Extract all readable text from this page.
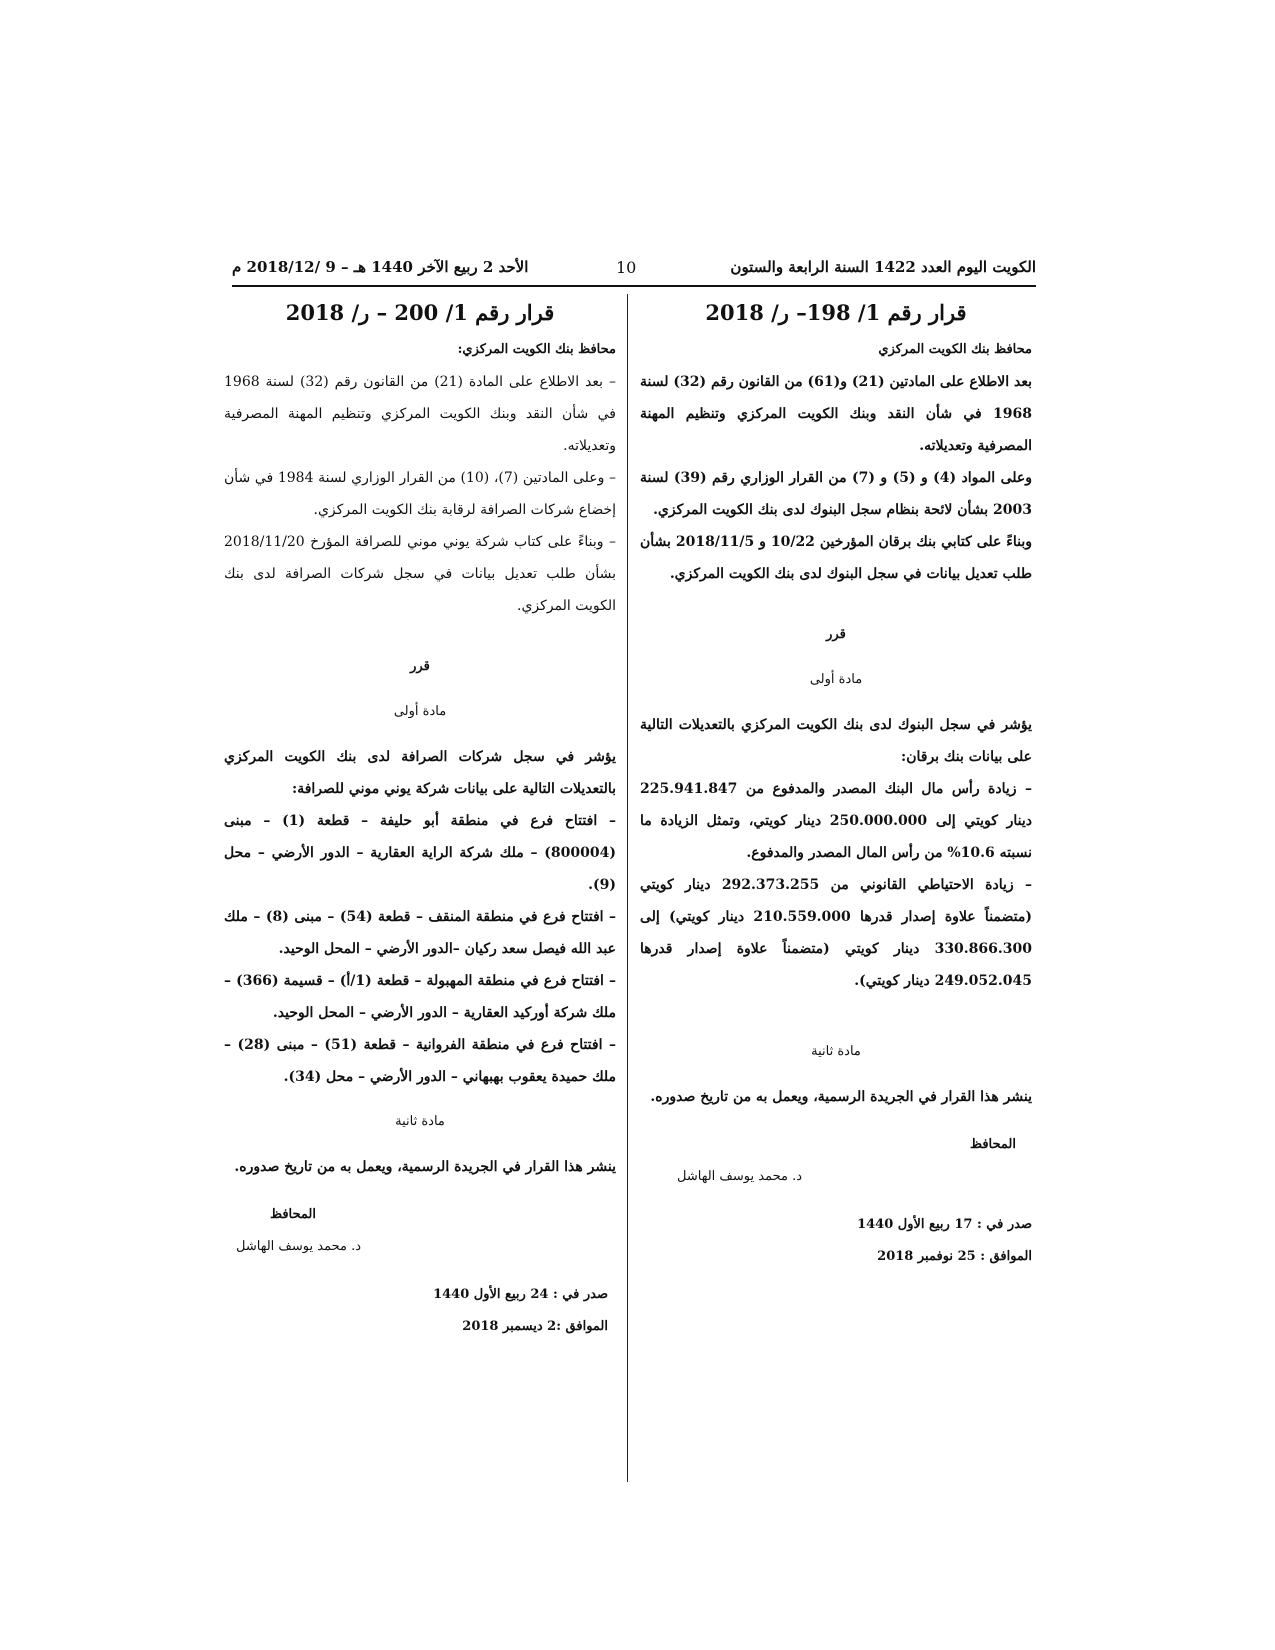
الكويت اليوم العدد 1422 السنة الرابعة والستون
10
الأحد 2 ربيع الآخر 1440 هـ – 9 /2018/12 م
قرار رقم 1/ 198– ر/ 2018

محافظ بنك الكويت المركزي

بعد الاطلاع على المادتين (21) و(61) من القانون رقم (32) لسنة 1968 في شأن النقد وبنك الكويت المركزي وتنظيم المهنة المصرفية وتعديلاته.

وعلى المواد (4) و (5) و (7) من القرار الوزاري رقم (39) لسنة 2003 بشأن لائحة بنظام سجل البنوك لدى بنك الكويت المركزي.

وبناءً على كتابي بنك برقان المؤرخين 10/22 و 2018/11/5 بشأن طلب تعديل بيانات في سجل البنوك لدى بنك الكويت المركزي.

قرر

مادة أولى

يؤشر في سجل البنوك لدى بنك الكويت المركزي بالتعديلات التالية على بيانات بنك برقان:

– زيادة رأس مال البنك المصدر والمدفوع من 225.941.847 دينار كويتي إلى 250.000.000 دينار كويتي، وتمثل الزيادة ما نسبته 10.6% من رأس المال المصدر والمدفوع.

– زيادة الاحتياطي القانوني من 292.373.255 دينار كويتي (متضمناً علاوة إصدار قدرها 210.559.000 دينار كويتي) إلى 330.866.300 دينار كويتي (متضمناً علاوة إصدار قدرها 249.052.045 دينار كويتي).

مادة ثانية

ينشر هذا القرار في الجريدة الرسمية، ويعمل به من تاريخ صدوره.

المحافظ

د. محمد يوسف الهاشل

صدر في : 17 ربيع الأول 1440

الموافق : 25 نوفمبر 2018

قرار رقم 1/ 200 – ر/ 2018

محافظ بنك الكويت المركزي:

– بعد الاطلاع على المادة (21) من القانون رقم (32) لسنة 1968 في شأن النقد وبنك الكويت المركزي وتنظيم المهنة المصرفية وتعديلاته.

– وعلى المادتين (7)، (10) من القرار الوزاري لسنة 1984 في شأن إخضاع شركات الصرافة لرقابة بنك الكويت المركزي.

– وبناءً على كتاب شركة يوني موني للصرافة المؤرخ 2018/11/20 بشأن طلب تعديل بيانات في سجل شركات الصرافة لدى بنك الكويت المركزي.

قرر

مادة أولى

يؤشر في سجل شركات الصرافة لدى بنك الكويت المركزي بالتعديلات التالية على بيانات شركة يوني موني للصرافة:

– افتتاح فرع في منطقة أبو حليفة – قطعة (1) – مبنى (800004) – ملك شركة الراية العقارية – الدور الأرضي – محل (9).

– افتتاح فرع في منطقة المنقف – قطعة (54) – مبنى (8) – ملك عبد الله فيصل سعد ركيان –الدور الأرضي – المحل الوحيد.

– افتتاح فرع في منطقة المهبولة – قطعة (1/أ) – قسيمة (366) – ملك شركة أوركيد العقارية – الدور الأرضي – المحل الوحيد.

– افتتاح فرع في منطقة الفروانية – قطعة (51) – مبنى (28) – ملك حميدة يعقوب بهبهاني – الدور الأرضي – محل (34).

مادة ثانية

ينشر هذا القرار في الجريدة الرسمية، ويعمل به من تاريخ صدوره.

المحافظ

د. محمد يوسف الهاشل

صدر في : 24 ربيع الأول 1440

الموافق :2 ديسمبر 2018
